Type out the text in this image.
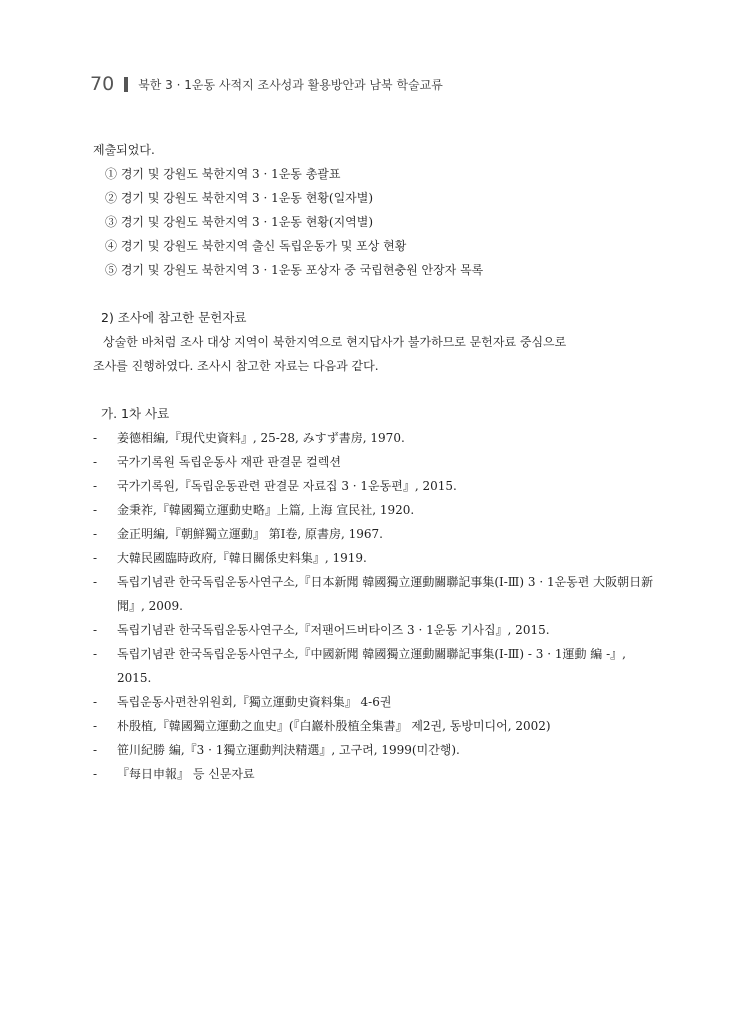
70 북한 3 · 1운동 사적지 조사성과 활용방안과 남북 학술교류
제출되었다.
① 경기 및 강원도 북한지역 3 · 1운동 총괄표
② 경기 및 강원도 북한지역 3 · 1운동 현황(일자별)
③ 경기 및 강원도 북한지역 3 · 1운동 현황(지역별)
④ 경기 및 강원도 북한지역 출신 독립운동가 및 포상 현황
⑤ 경기 및 강원도 북한지역 3 · 1운동 포상자 중 국립현충원 안장자 목록
2) 조사에 참고한 문헌자료
상술한 바처럼 조사 대상 지역이 북한지역으로 현지답사가 불가하므로 문헌자료 중심으로
조사를 진행하였다. 조사시 참고한 자료는 다음과 같다.
가. 1차 사료
-	姜德相編,『現代史資料』, 25-28, みすず書房, 1970.
-	국가기록원 독립운동사 재판 판결문 컬렉션
-	국가기록원,『독립운동관련 판결문 자료집 3 · 1운동편』, 2015.
-	金秉祚,『韓國獨立運動史略』上篇, 上海 宣民社, 1920.
-	金正明編,『朝鮮獨立運動』 第Ⅰ卷, 原書房, 1967.
-	大韓民國臨時政府,『韓日關係史料集』, 1919.
-	독립기념관 한국독립운동사연구소,『日本新聞 韓國獨立運動關聯記事集(Ⅰ-Ⅲ) 3 · 1운동편 大阪朝日新聞』, 2009.
-	독립기념관 한국독립운동사연구소,『저팬어드버타이즈 3 · 1운동 기사집』, 2015.
-	독립기념관 한국독립운동사연구소,『中國新聞 韓國獨立運動關聯記事集(Ⅰ-Ⅲ) - 3 · 1運動 編 -』, 2015.
-	독립운동사편찬위원회,『獨立運動史資料集』 4-6권
-	朴殷植,『韓國獨立運動之血史』(『白巖朴殷植全集書』 제2권, 동방미디어, 2002)
-	笹川紀勝 編,『3 · 1獨立運動判決精選』, 고구려, 1999(미간행).
-	『每日申報』 등 신문자료
